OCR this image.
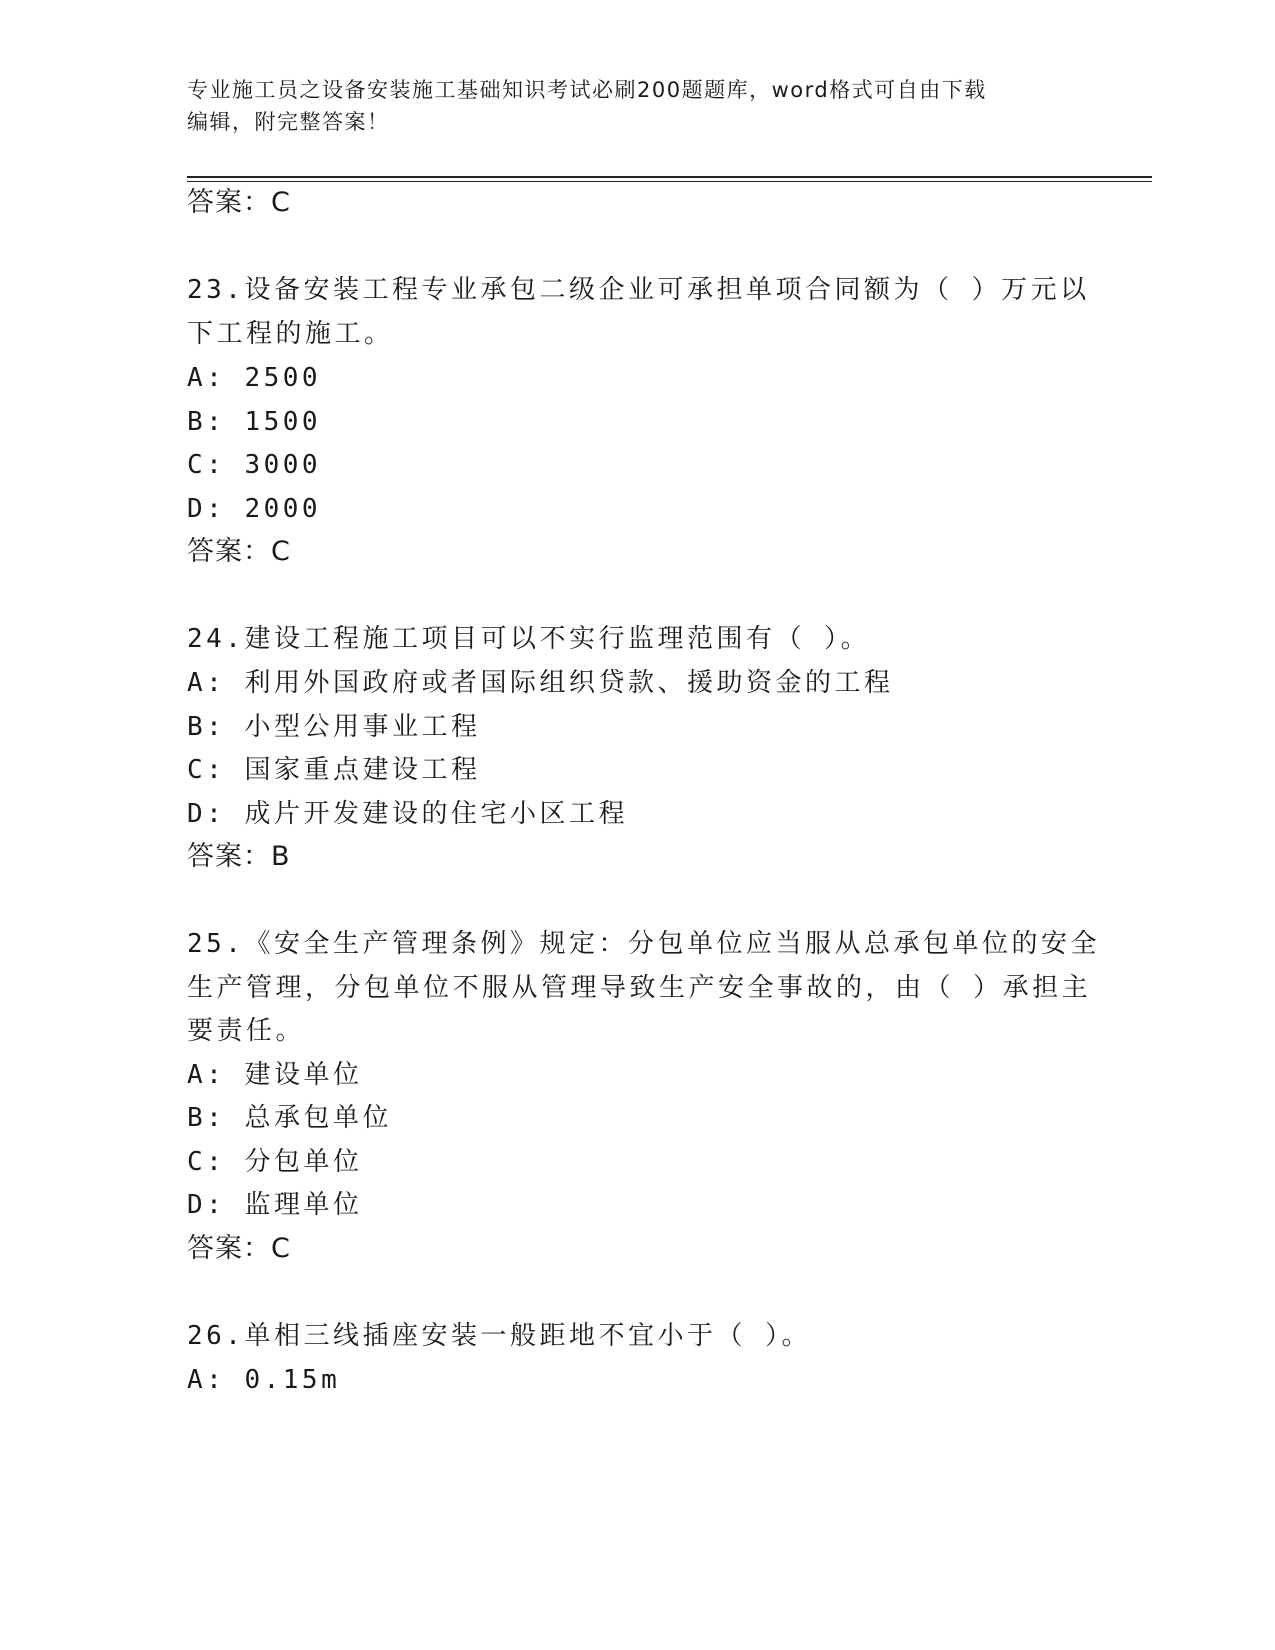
专业施工员之设备安装施工基础知识考试必刷200题题库，word格式可自由下载
编辑，附完整答案！
答案：C
23.设备安装工程专业承包二级企业可承担单项合同额为（ ）万元以
下工程的施工。
A: 2500
B: 1500
C: 3000
D: 2000
答案：C
24.建设工程施工项目可以不实行监理范围有（ ）。
A: 利用外国政府或者国际组织贷款、援助资金的工程
B: 小型公用事业工程
C: 国家重点建设工程
D: 成片开发建设的住宅小区工程
答案：B
25.《安全生产管理条例》规定：分包单位应当服从总承包单位的安全
生产管理，分包单位不服从管理导致生产安全事故的，由（ ）承担主
要责任。
A: 建设单位
B: 总承包单位
C: 分包单位
D: 监理单位
答案：C
26.单相三线插座安装一般距地不宜小于（ ）。
A: 0.15m
